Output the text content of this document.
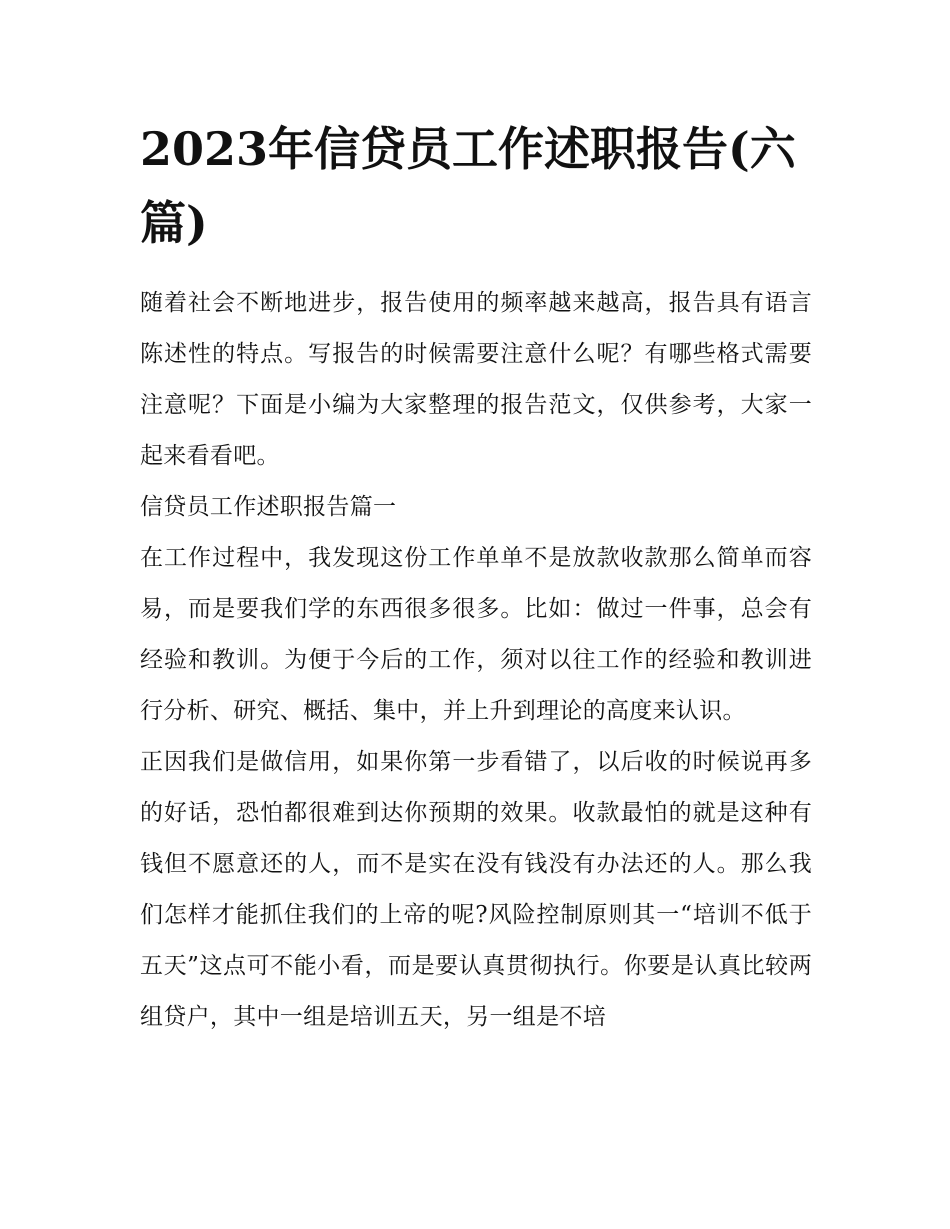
2023年信贷员工作述职报告(六篇)

随着社会不断地进步，报告使用的频率越来越高，报告具有语言陈述性的特点。写报告的时候需要注意什么呢？有哪些格式需要注意呢？下面是小编为大家整理的报告范文，仅供参考，大家一起来看看吧。

信贷员工作述职报告篇一

在工作过程中，我发现这份工作单单不是放款收款那么简单而容易，而是要我们学的东西很多很多。比如：做过一件事，总会有经验和教训。为便于今后的工作，须对以往工作的经验和教训进行分析、研究、概括、集中，并上升到理论的高度来认识。

正因我们是做信用，如果你第一步看错了，以后收的时候说再多的好话，恐怕都很难到达你预期的效果。收款最怕的就是这种有钱但不愿意还的人，而不是实在没有钱没有办法还的人。那么我们怎样才能抓住我们的上帝的呢?风险控制原则其一“培训不低于五天”这点可不能小看，而是要认真贯彻执行。你要是认真比较两组贷户，其中一组是培训五天，另一组是不培
